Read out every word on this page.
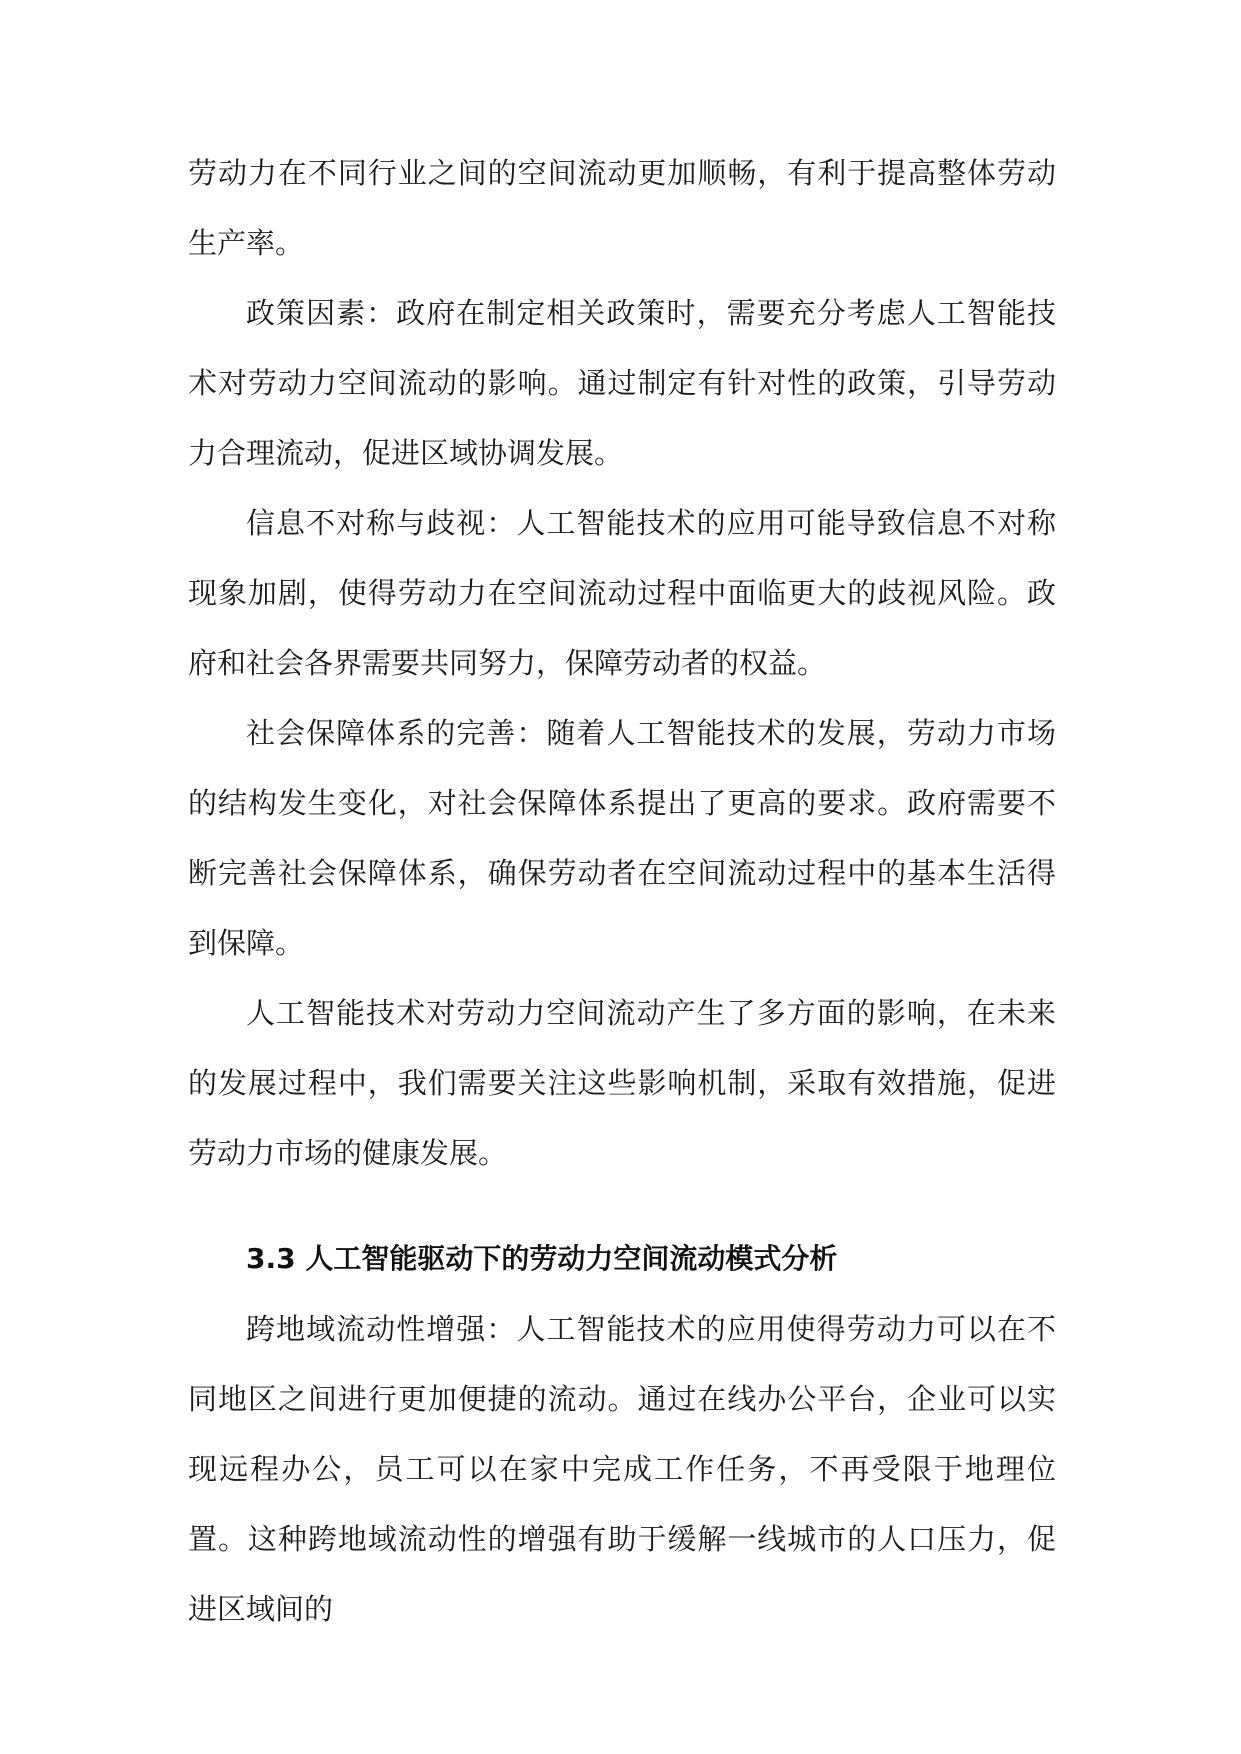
劳动力在不同行业之间的空间流动更加顺畅，有利于提高整体劳动生产率。

政策因素：政府在制定相关政策时，需要充分考虑人工智能技术对劳动力空间流动的影响。通过制定有针对性的政策，引导劳动力合理流动，促进区域协调发展。

信息不对称与歧视：人工智能技术的应用可能导致信息不对称现象加剧，使得劳动力在空间流动过程中面临更大的歧视风险。政府和社会各界需要共同努力，保障劳动者的权益。

社会保障体系的完善：随着人工智能技术的发展，劳动力市场的结构发生变化，对社会保障体系提出了更高的要求。政府需要不断完善社会保障体系，确保劳动者在空间流动过程中的基本生活得到保障。

人工智能技术对劳动力空间流动产生了多方面的影响，在未来的发展过程中，我们需要关注这些影响机制，采取有效措施，促进劳动力市场的健康发展。

3.3 人工智能驱动下的劳动力空间流动模式分析

跨地域流动性增强：人工智能技术的应用使得劳动力可以在不同地区之间进行更加便捷的流动。通过在线办公平台，企业可以实现远程办公，员工可以在家中完成工作任务，不再受限于地理位置。这种跨地域流动性的增强有助于缓解一线城市的人口压力，促进区域间的
